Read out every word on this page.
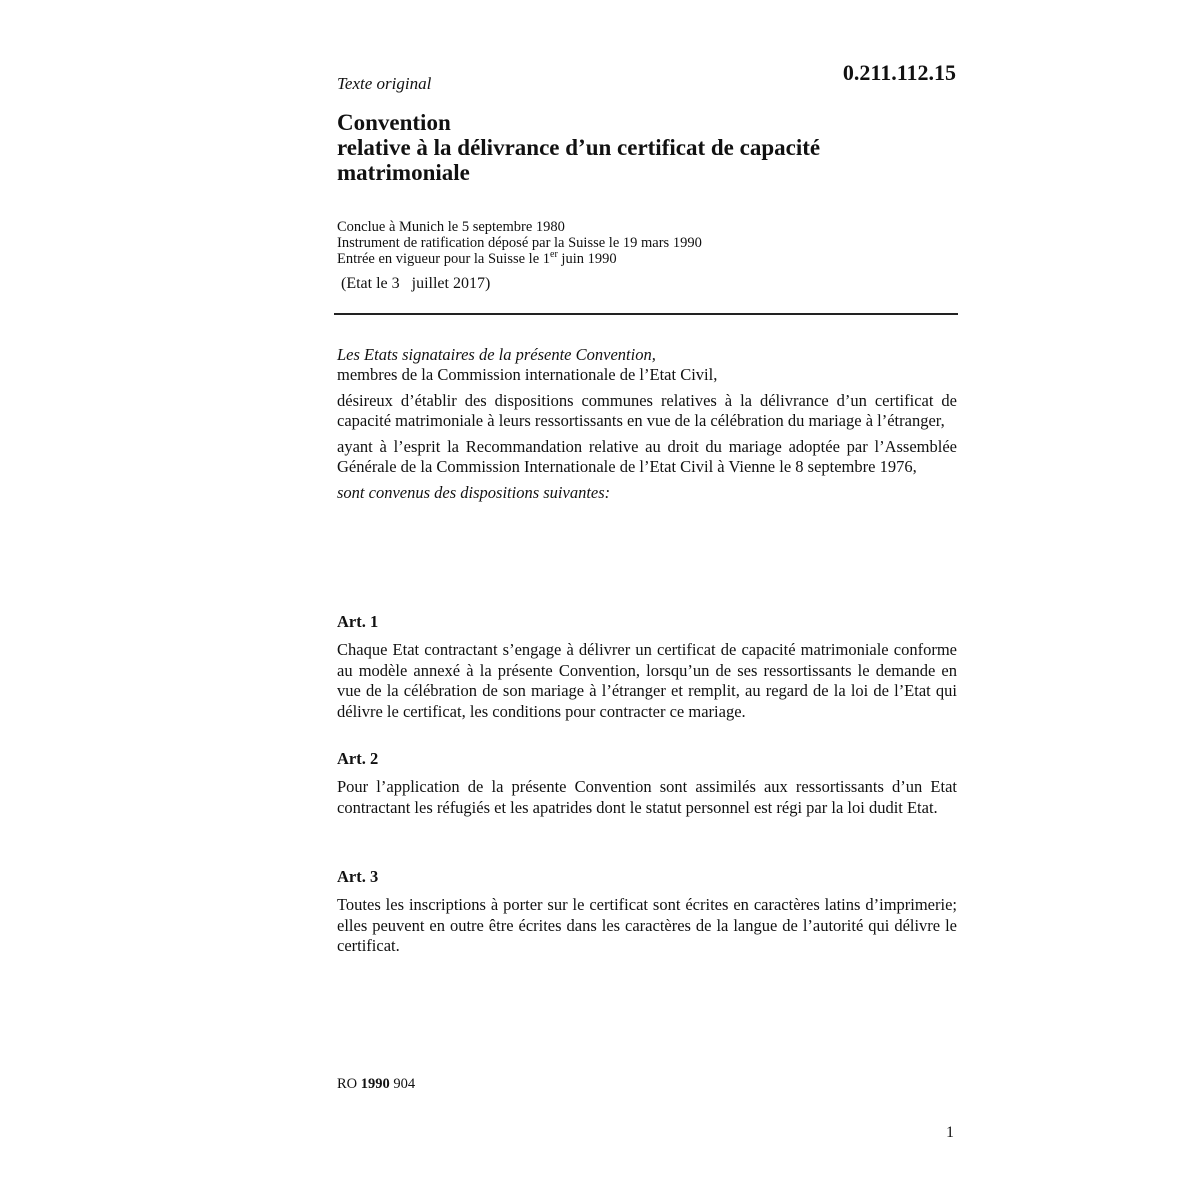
Texte original	0.211.112.15
Convention
relative à la délivrance d’un certificat de capacité
matrimoniale
Conclue à Munich le 5 septembre 1980
Instrument de ratification déposé par la Suisse le 19 mars 1990
Entrée en vigueur pour la Suisse le 1er juin 1990
(Etat le 3   juillet 2017)

Les Etats signataires de la présente Convention,
membres de la Commission internationale de l’Etat Civil,

désireux d’établir des dispositions communes relatives à la délivrance d’un certificat de capacité matrimoniale à leurs ressortissants en vue de la célébration du mariage à l’étranger,

ayant à l’esprit la Recommandation relative au droit du mariage adoptée par l’Assemblée Générale de la Commission Internationale de l’Etat Civil à Vienne le 8 septembre 1976,

sont convenus des dispositions suivantes:

Art. 1
Chaque Etat contractant s’engage à délivrer un certificat de capacité matrimoniale conforme au modèle annexé à la présente Convention, lorsqu’un de ses ressortissants le demande en vue de la célébration de son mariage à l’étranger et remplit, au regard de la loi de l’Etat qui délivre le certificat, les conditions pour contracter ce mariage.
Art. 2
Pour l’application de la présente Convention sont assimilés aux ressortissants d’un Etat contractant les réfugiés et les apatrides dont le statut personnel est régi par la loi dudit Etat.
Art. 3
Toutes les inscriptions à porter sur le certificat sont écrites en caractères latins d’imprimerie; elles peuvent en outre être écrites dans les caractères de la langue de l’autorité qui délivre le certificat.
RO 1990 904
1
